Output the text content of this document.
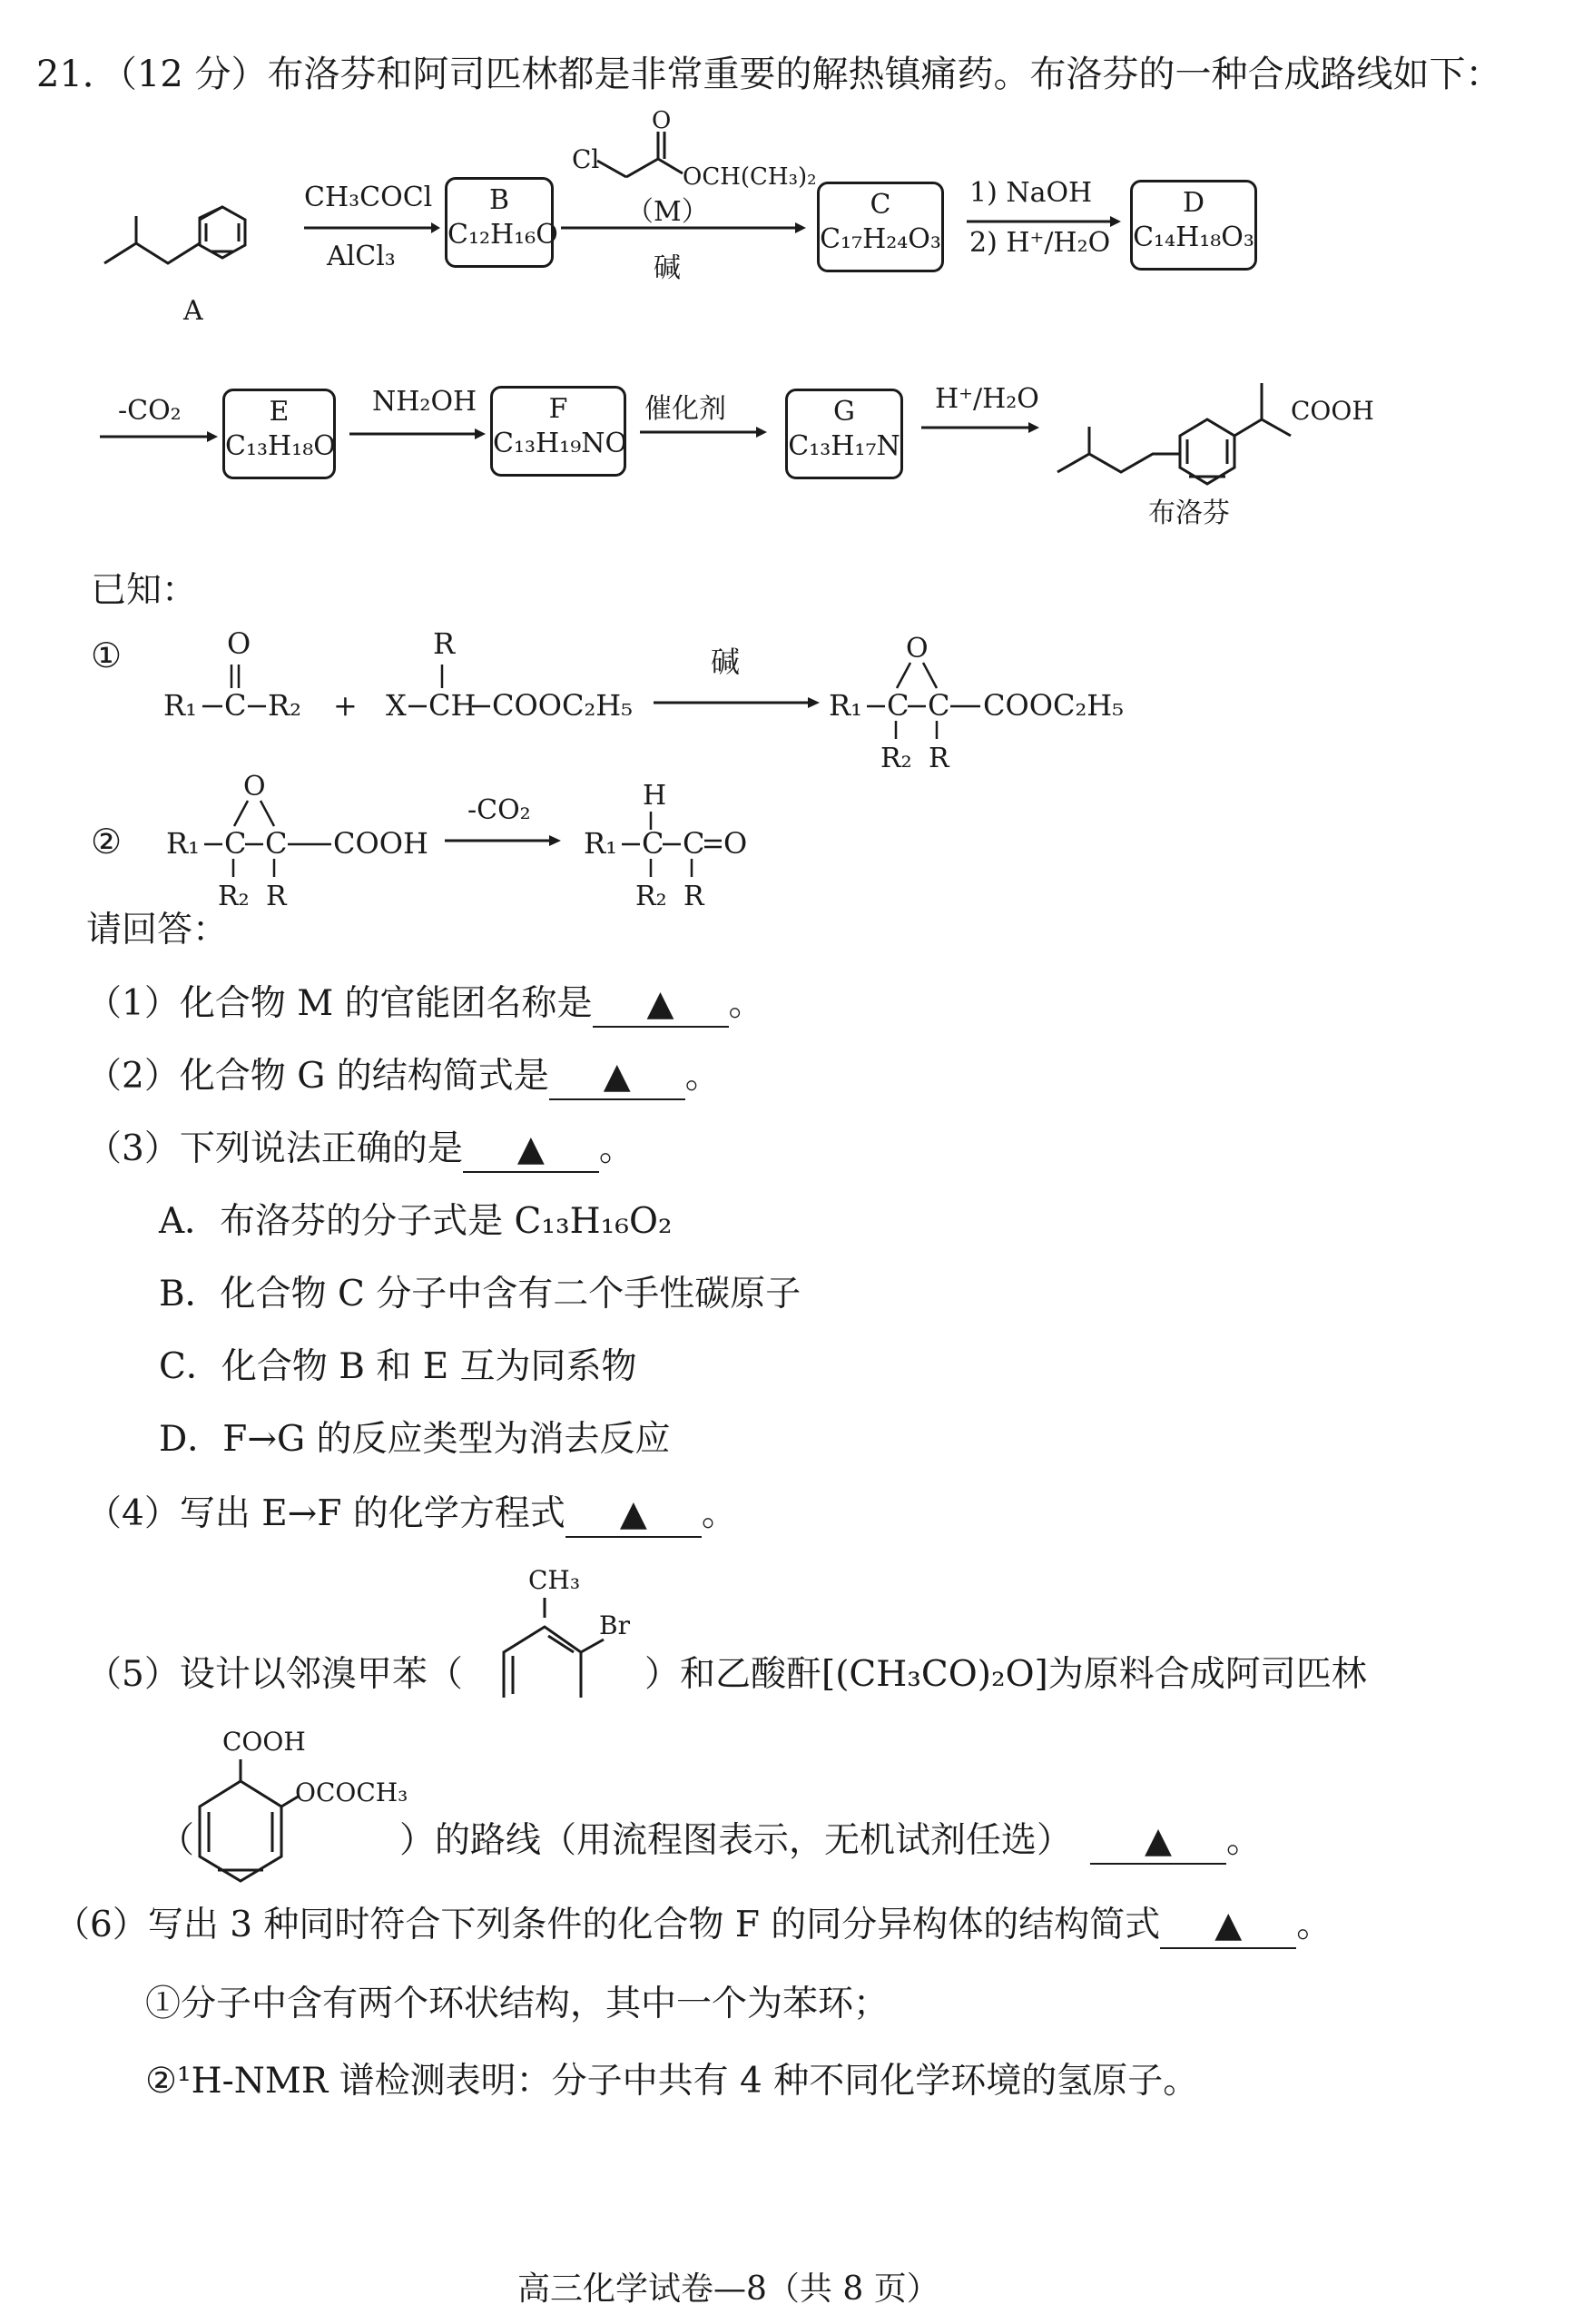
21．（12 分）布洛芬和阿司匹林都是非常重要的解热镇痛药。布洛芬的一种合成路线如下：
A
CH₃COCl
AlCl₃
B
C₁₂H₁₆O
Cl
O
OCH(CH₃)₂
（M）
碱
C
C₁₇H₂₄O₃
1) NaOH
2) H⁺/H₂O
D
C₁₄H₁₈O₃
-CO₂	E
C₁₃H₁₈O
NH₂OH	F
C₁₃H₁₉NO
催化剂	G
C₁₃H₁₇N
H⁺/H₂O	COOH
布洛芬
已知：
①	O
R₁ C R₂ +
R
X CH COOC₂H₅
碱
R₁ C C
O
COOC₂H₅
R₂ R
② R₁ C C
O
COOH
R₂ R
-CO₂	H
R₁ C C O
R₂ R
请回答：
（1）化合物 M 的官能团名称是 ▲ 。
（2）化合物 G 的结构简式是 ▲ 。
（3）下列说法正确的是 ▲ 。
A．布洛芬的分子式是 C₁₃H₁₆O₂
B．化合物 C 分子中含有二个手性碳原子
C．化合物 B 和 E 互为同系物
D．F→G 的反应类型为消去反应
（4）写出 E→F 的化学方程式 ▲ 。
（5）设计以邻溴甲苯（
CH₃
Br
）和乙酸酐[(CH₃CO)₂O]为原料合成阿司匹林
COOH
OCOCH₃
（	）的路线（用流程图表示，无机试剂任选） ▲ 。
（6）写出 3 种同时符合下列条件的化合物 F 的同分异构体的结构简式 ▲ 。
①分子中含有两个环状结构，其中一个为苯环；
②¹H-NMR 谱检测表明：分子中共有 4 种不同化学环境的氢原子。
高三化学试卷—8（共 8 页）
